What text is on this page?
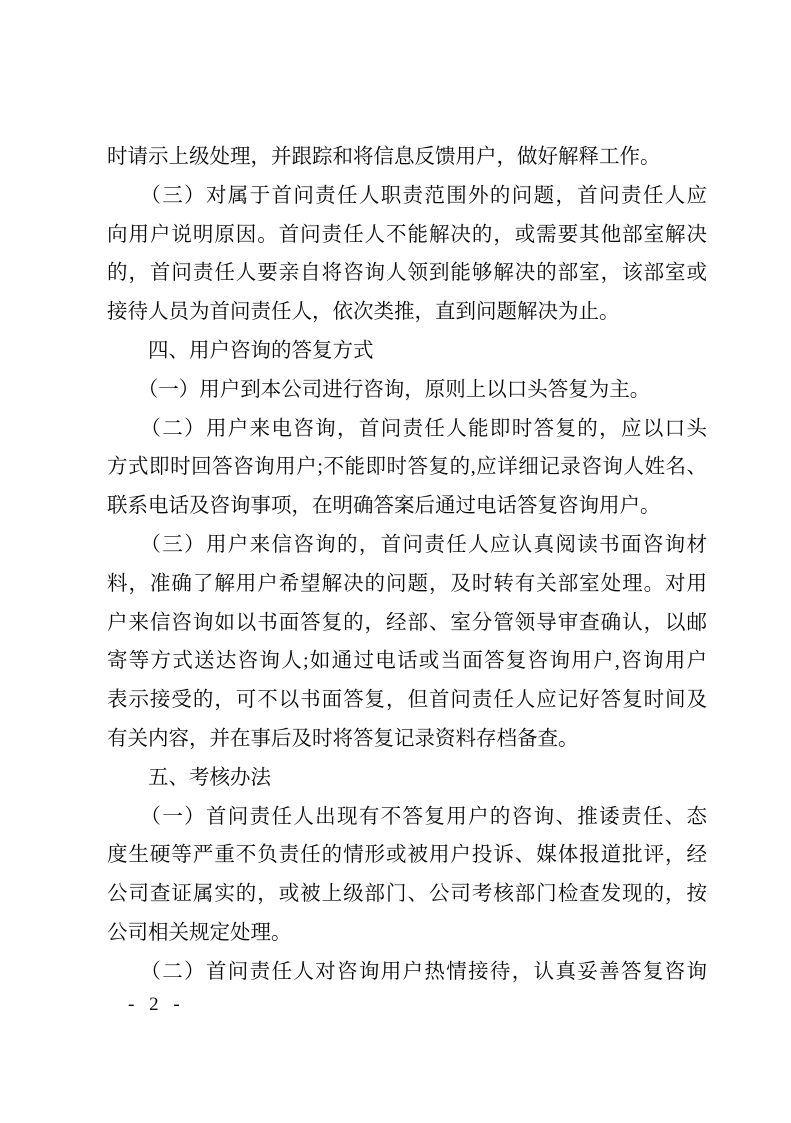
时请示上级处理，并跟踪和将信息反馈用户，做好解释工作。
　　（三）对属于首问责任人职责范围外的问题，首问责任人应
向用户说明原因。首问责任人不能解决的，或需要其他部室解决
的，首问责任人要亲自将咨询人领到能够解决的部室，该部室或
接待人员为首问责任人，依次类推，直到问题解决为止。
　　四、用户咨询的答复方式
　　（一）用户到本公司进行咨询，原则上以口头答复为主。
　　（二）用户来电咨询，首问责任人能即时答复的，应以口头
方式即时回答咨询用户;不能即时答复的,应详细记录咨询人姓名、
联系电话及咨询事项，在明确答案后通过电话答复咨询用户。
　　（三）用户来信咨询的，首问责任人应认真阅读书面咨询材
料，准确了解用户希望解决的问题，及时转有关部室处理。对用
户来信咨询如以书面答复的，经部、室分管领导审查确认，以邮
寄等方式送达咨询人;如通过电话或当面答复咨询用户,咨询用户
表示接受的，可不以书面答复，但首问责任人应记好答复时间及
有关内容，并在事后及时将答复记录资料存档备查。
　　五、考核办法
　　（一）首问责任人出现有不答复用户的咨询、推诿责任、态
度生硬等严重不负责任的情形或被用户投诉、媒体报道批评，经
公司查证属实的，或被上级部门、公司考核部门检查发现的，按
公司相关规定处理。
　　（二）首问责任人对咨询用户热情接待，认真妥善答复咨询
- 2 -
